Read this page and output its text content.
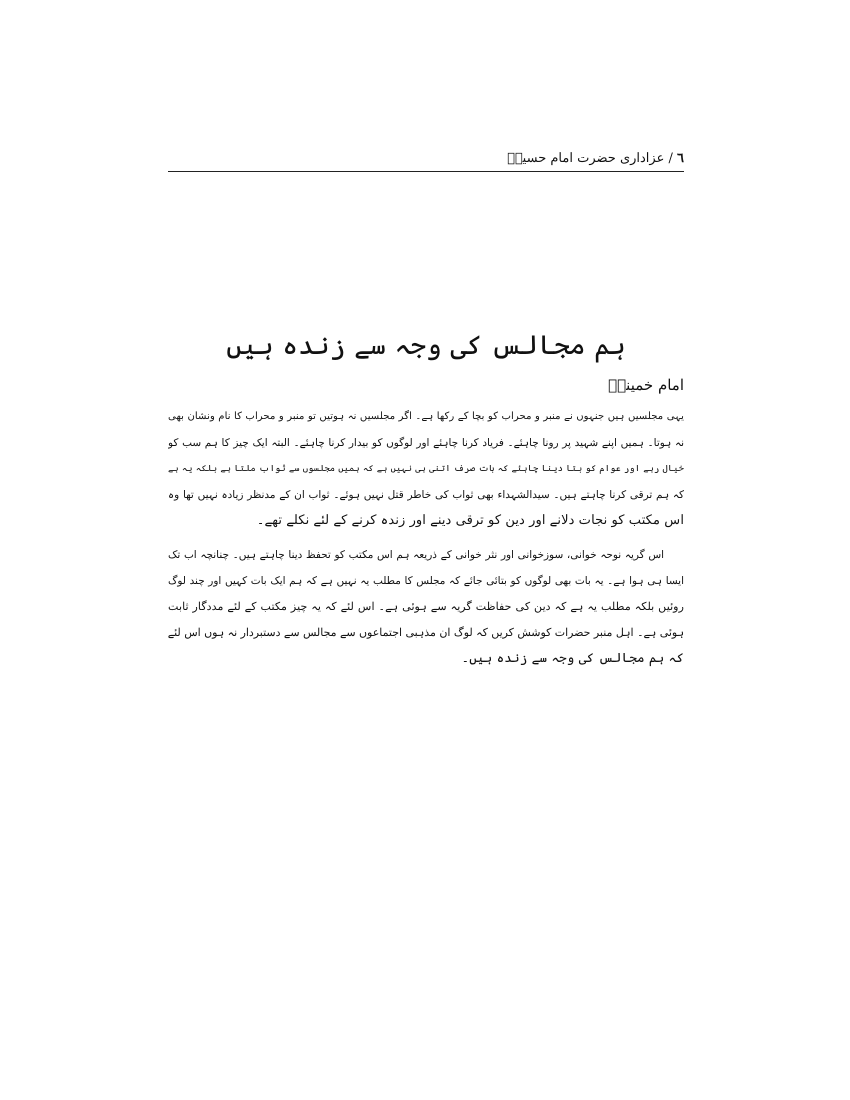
٦ / عزاداری حضرت امام حسینؑ
ہم مجالس کی وجہ سے زندہ ہیں
امام خمینیؒ
یہی مجلسیں ہیں جنہوں نے منبر و محراب کو بچا کے رکھا ہے۔ اگر مجلسیں نہ ہوتیں تو منبر و محراب کا نام ونشان بھی
نہ ہوتا۔ ہمیں اپنے شہید پر رونا چاہئے۔ فریاد کرنا چاہئے اور لوگوں کو بیدار کرنا چاہئے۔ البتہ ایک چیز کا ہم سب کو
خیال رہے اور عوام کو بتا دینا چاہئے کہ بات صرف اتنی ہی نہیں ہے کہ ہمیں مجلسوں سے ثواب ملتا ہے بلکہ یہ ہے
کہ ہم ترقی کرنا چاہتے ہیں۔ سیدالشہداء بھی ثواب کی خاطر قتل نہیں ہوئے۔ ثواب ان کے مدنظر زیادہ نہیں تھا وہ
اس مکتب کو نجات دلانے اور دین کو ترقی دینے اور زندہ کرنے کے لئے نکلے تھے۔
اس گریہ نوحہ خوانی، سوزخوانی اور نثر خوانی کے ذریعہ ہم اس مکتب کو تحفظ دینا چاہتے ہیں۔ چنانچہ اب تک
ایسا ہی ہوا ہے۔ یہ بات بھی لوگوں کو بتائی جائے کہ مجلس کا مطلب یہ نہیں ہے کہ ہم ایک بات کہیں اور چند لوگ
روئیں بلکہ مطلب یہ ہے کہ دین کی حفاظت گریہ سے ہوئی ہے۔ اس لئے کہ یہ چیز مکتب کے لئے مددگار ثابت
ہوئی ہے۔ اہل منبر حضرات کوشش کریں کہ لوگ ان مذہبی اجتماعوں سے مجالس سے دستبردار نہ ہوں اس لئے
کہ ہم مجالس کی وجہ سے زندہ ہیں۔
